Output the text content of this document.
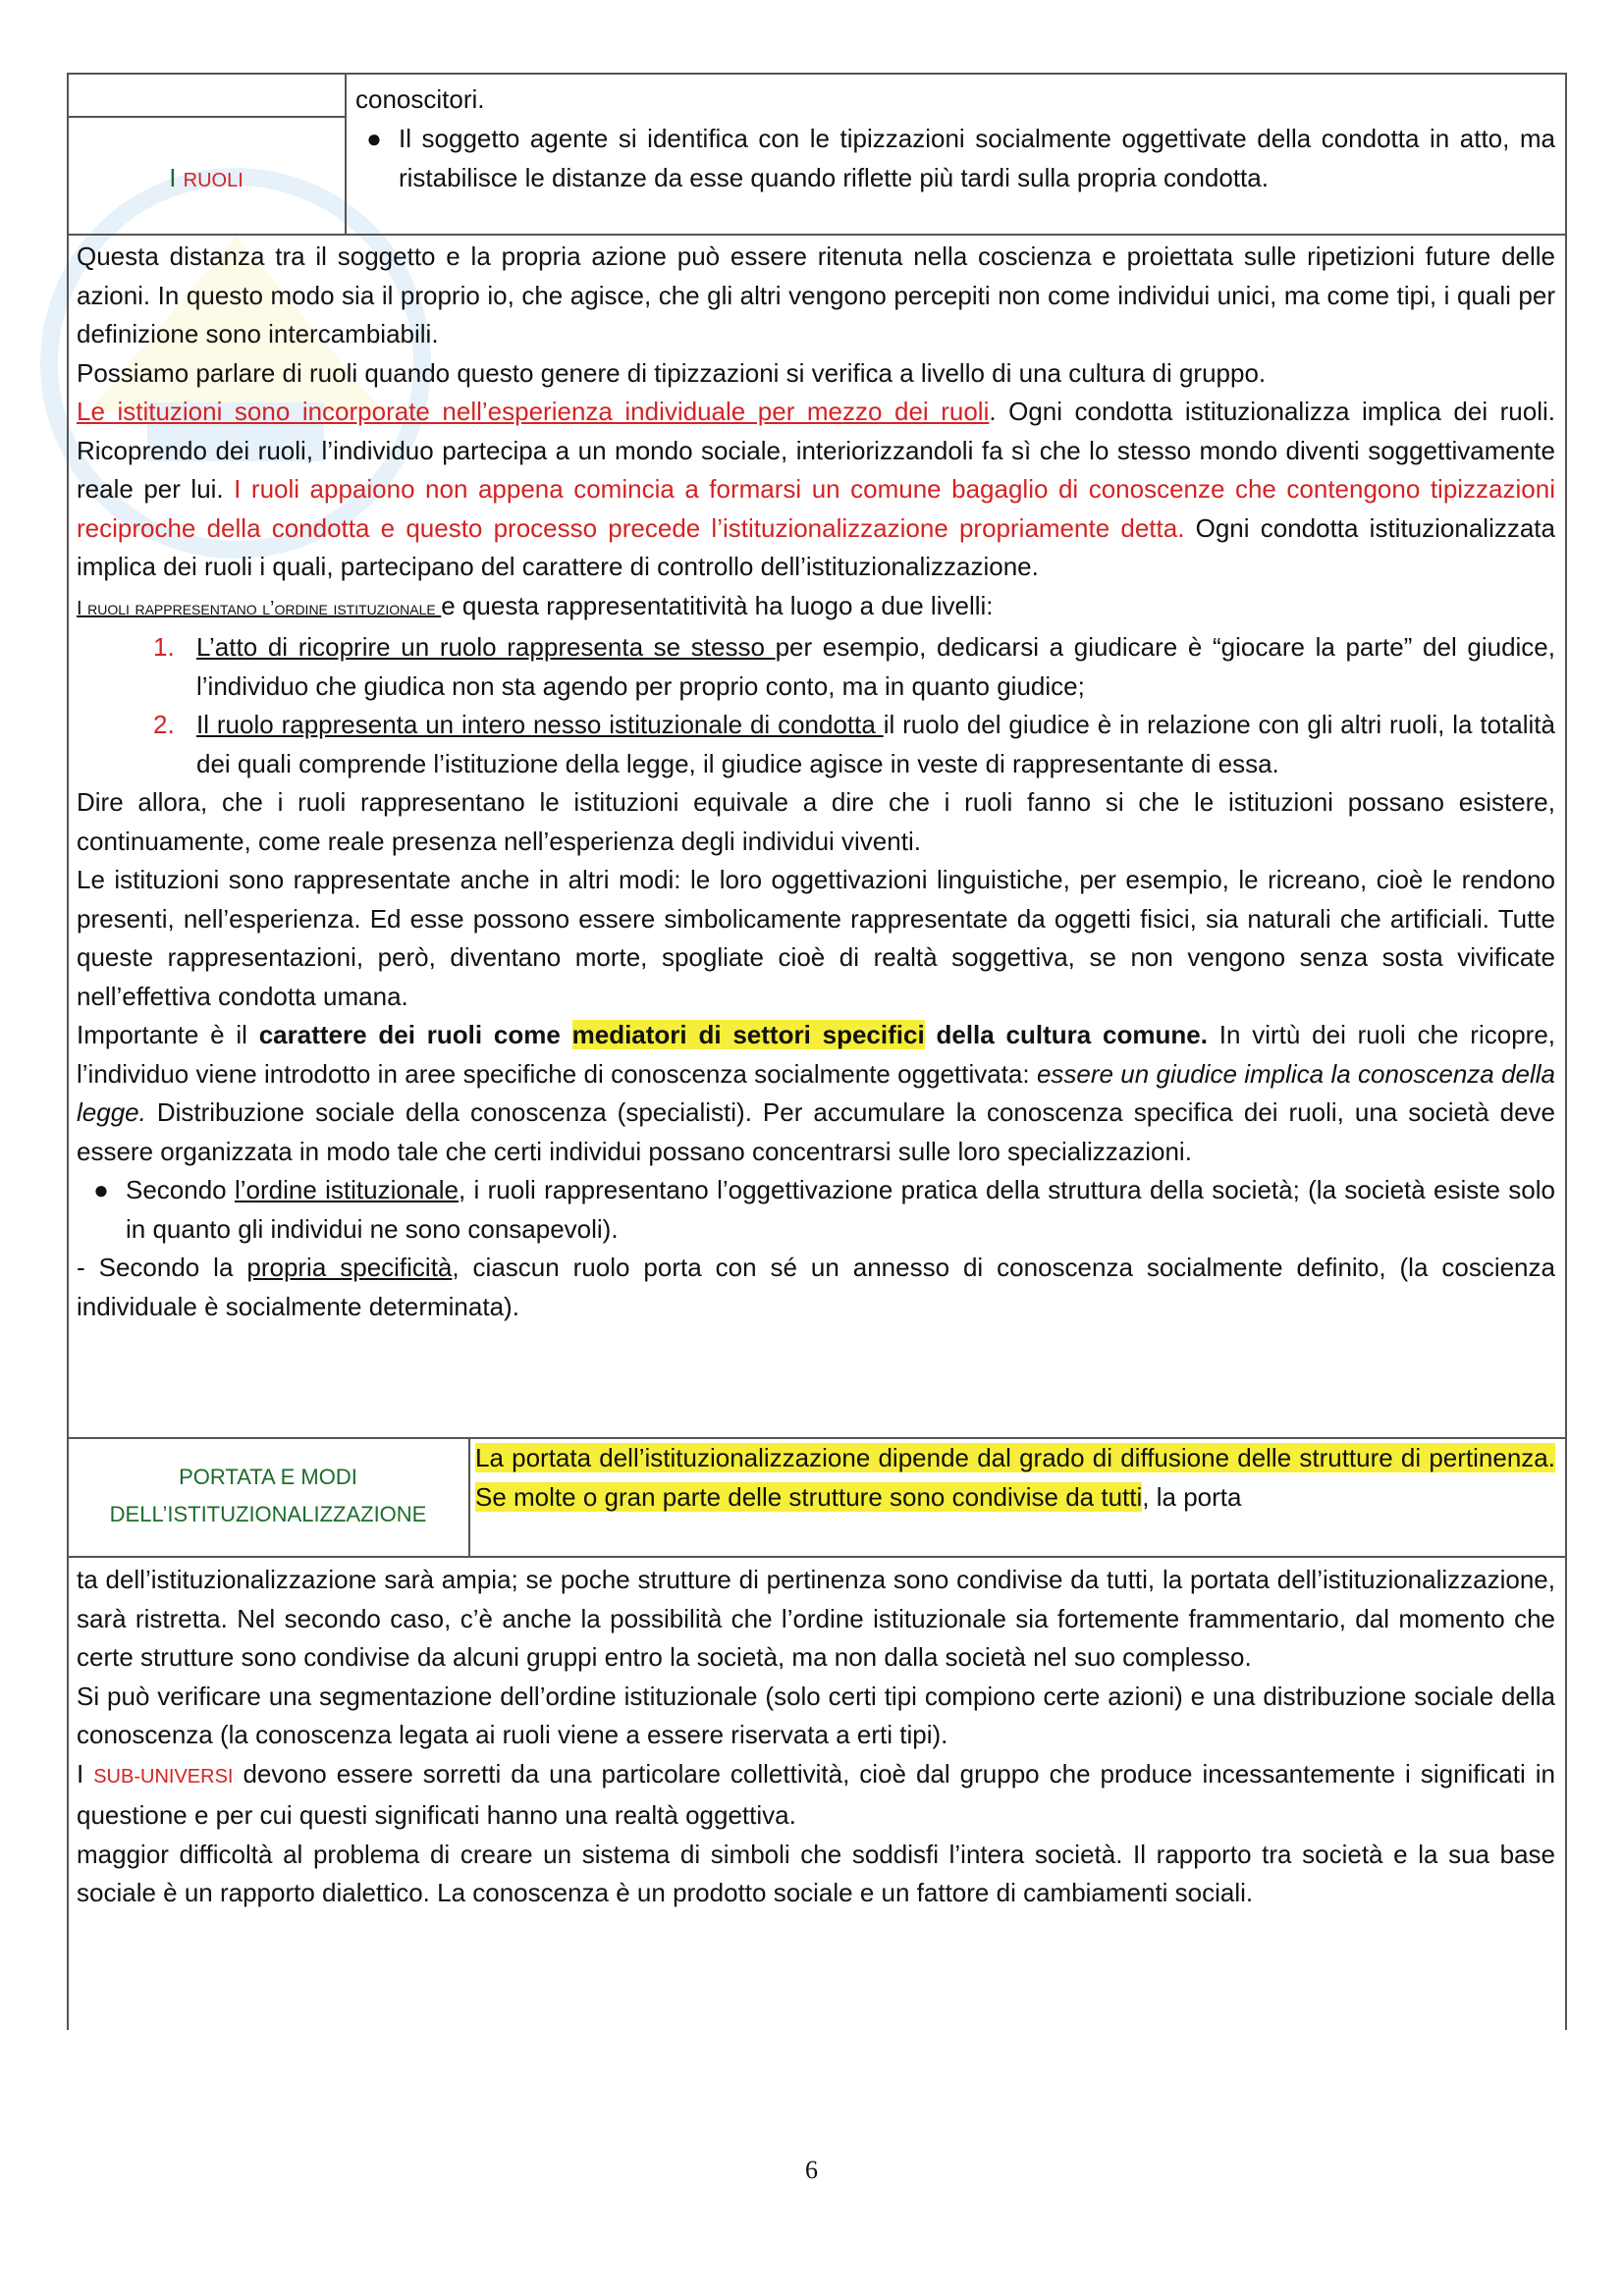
conoscitori.
I RUOLI
● Il soggetto agente si identifica con le tipizzazioni socialmente oggettivate della condotta in atto, ma ristabilisce le distanze da esse quando riflette più tardi sulla propria condotta.

Questa distanza tra il soggetto e la propria azione può essere ritenuta nella coscienza e proiettata sulle ripetizioni future delle azioni. In questo modo sia il proprio io, che agisce, che gli altri vengono percepiti non come individui unici, ma come tipi, i quali per definizione sono intercambiabili.

Possiamo parlare di ruoli quando questo genere di tipizzazioni si verifica a livello di una cultura di gruppo.

Le istituzioni sono incorporate nell’esperienza individuale per mezzo dei ruoli. Ogni condotta istituzionalizza implica dei ruoli. Ricoprendo dei ruoli, l’individuo partecipa a un mondo sociale, interiorizzandoli fa sì che lo stesso mondo diventi soggettivamente reale per lui. I ruoli appaiono non appena comincia a formarsi un comune bagaglio di conoscenze che contengono tipizzazioni reciproche della condotta e questo processo precede l’istituzionalizzazione propriamente detta. Ogni condotta istituzionalizzata implica dei ruoli i quali, partecipano del carattere di controllo dell’istituzionalizzazione.

I ruoli rappresentano l’ordine istituzionale e questa rappresentatitività ha luogo a due livelli:

1. L’atto di ricoprire un ruolo rappresenta se stesso per esempio, dedicarsi a giudicare è “giocare la parte” del giudice, l’individuo che giudica non sta agendo per proprio conto, ma in quanto giudice;

2. Il ruolo rappresenta un intero nesso istituzionale di condotta il ruolo del giudice è in relazione con gli altri ruoli, la totalità dei quali comprende l’istituzione della legge, il giudice agisce in veste di rappresentante di essa.

Dire allora, che i ruoli rappresentano le istituzioni equivale a dire che i ruoli fanno si che le istituzioni possano esistere, continuamente, come reale presenza nell’esperienza degli individui viventi.

Le istituzioni sono rappresentate anche in altri modi: le loro oggettivazioni linguistiche, per esempio, le ricreano, cioè le rendono presenti, nell’esperienza. Ed esse possono essere simbolicamente rappresentate da oggetti fisici, sia naturali che artificiali. Tutte queste rappresentazioni, però, diventano morte, spogliate cioè di realtà soggettiva, se non vengono senza sosta vivificate nell’effettiva condotta umana.

Importante è il carattere dei ruoli come mediatori di settori specifici della cultura comune. In virtù dei ruoli che ricopre, l’individuo viene introdotto in aree specifiche di conoscenza socialmente oggettivata: essere un giudice implica la conoscenza della legge. Distribuzione sociale della conoscenza (specialisti). Per accumulare la conoscenza specifica dei ruoli, una società deve essere organizzata in modo tale che certi individui possano concentrarsi sulle loro specializzazioni.

● Secondo l’ordine istituzionale, i ruoli rappresentano l’oggettivazione pratica della struttura della società; (la società esiste solo in quanto gli individui ne sono consapevoli).

- Secondo la propria specificità, ciascun ruolo porta con sé un annesso di conoscenza socialmente definito, (la coscienza individuale è socialmente determinata).

PORTATA E MODI
DELL’ISTITUZIONALIZZAZIONE
La portata dell’istituzionalizzazione dipende dal grado di diffusione delle strutture di pertinenza. Se molte o gran parte delle strutture sono condivise da tutti, la porta

ta dell’istituzionalizzazione sarà ampia; se poche strutture di pertinenza sono condivise da tutti, la portata dell’istituzionalizzazione, sarà ristretta. Nel secondo caso, c’è anche la possibilità che l’ordine istituzionale sia fortemente frammentario, dal momento che certe strutture sono condivise da alcuni gruppi entro la società, ma non dalla società nel suo complesso.

Si può verificare una segmentazione dell’ordine istituzionale (solo certi tipi compiono certe azioni) e una distribuzione sociale della conoscenza (la conoscenza legata ai ruoli viene a essere riservata a erti tipi).

I SUB-UNIVERSI devono essere sorretti da una particolare collettività, cioè dal gruppo che produce incessantemente i significati in questione e per cui questi significati hanno una realtà oggettiva.

maggior difficoltà al problema di creare un sistema di simboli che soddisfi l’intera società. Il rapporto tra società e la sua base sociale è un rapporto dialettico. La conoscenza è un prodotto sociale e un fattore di cambiamenti sociali.

6
